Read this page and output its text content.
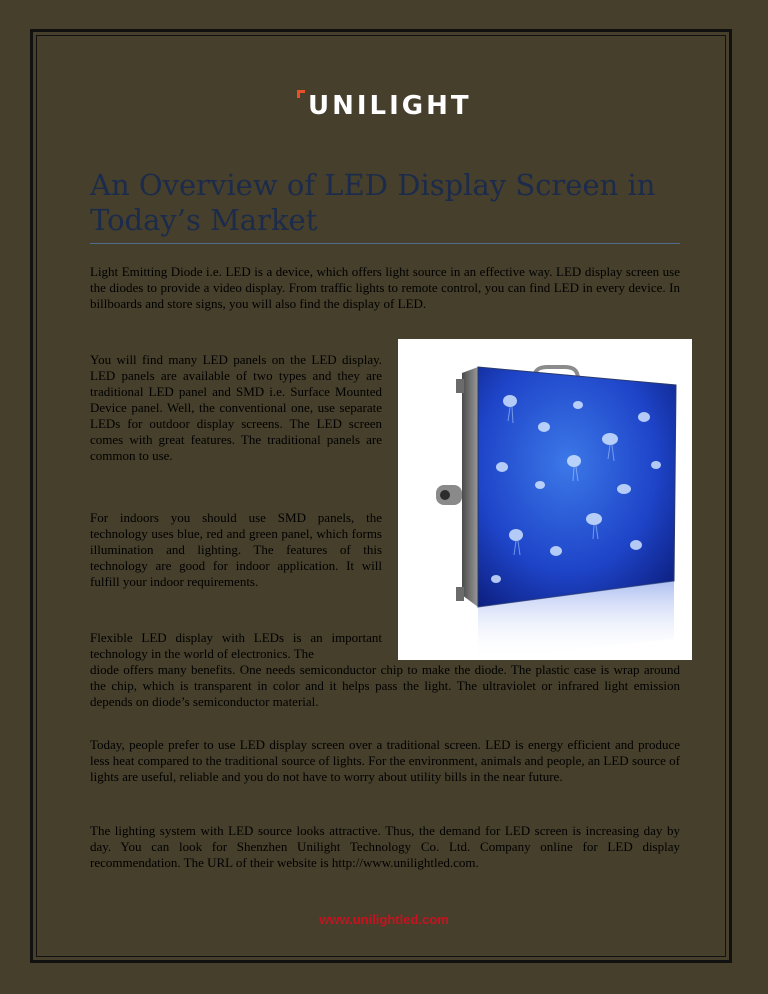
UNILIGHT
An Overview of LED Display Screen in Today’s Market

Light Emitting Diode i.e. LED is a device, which offers light source in an effective way. LED display screen use the diodes to provide a video display. From traffic lights to remote control, you can find LED in every device. In billboards and store signs, you will also find the display of LED.

You will find many LED panels on the LED display. LED panels are available of two types and they are traditional LED panel and SMD i.e. Surface Mounted Device panel. Well, the conventional one, use separate LEDs for outdoor display screens. The LED screen comes with great features. The traditional panels are common to use.

For indoors you should use SMD panels, the technology uses blue, red and green panel, which forms illumination and lighting. The features of this technology are good for indoor application. It will fulfill your indoor requirements.

Flexible LED display with LEDs is an important technology in the world of electronics. The

diode offers many benefits. One needs semiconductor chip to make the diode. The plastic case is wrap around the chip, which is transparent in color and it helps pass the light. The ultraviolet or infrared light emission depends on diode’s semiconductor material.

Today, people prefer to use LED display screen over a traditional screen. LED is energy efficient and produce less heat compared to the traditional source of lights. For the environment, animals and people, an LED source of lights are useful, reliable and you do not have to worry about utility bills in the near future.

The lighting system with LED source looks attractive. Thus, the demand for LED screen is increasing day by day. You can look for Shenzhen Unilight Technology Co. Ltd. Company online for LED display recommendation. The URL of their website is http://www.unilightled.com.

www.unilightled.com
